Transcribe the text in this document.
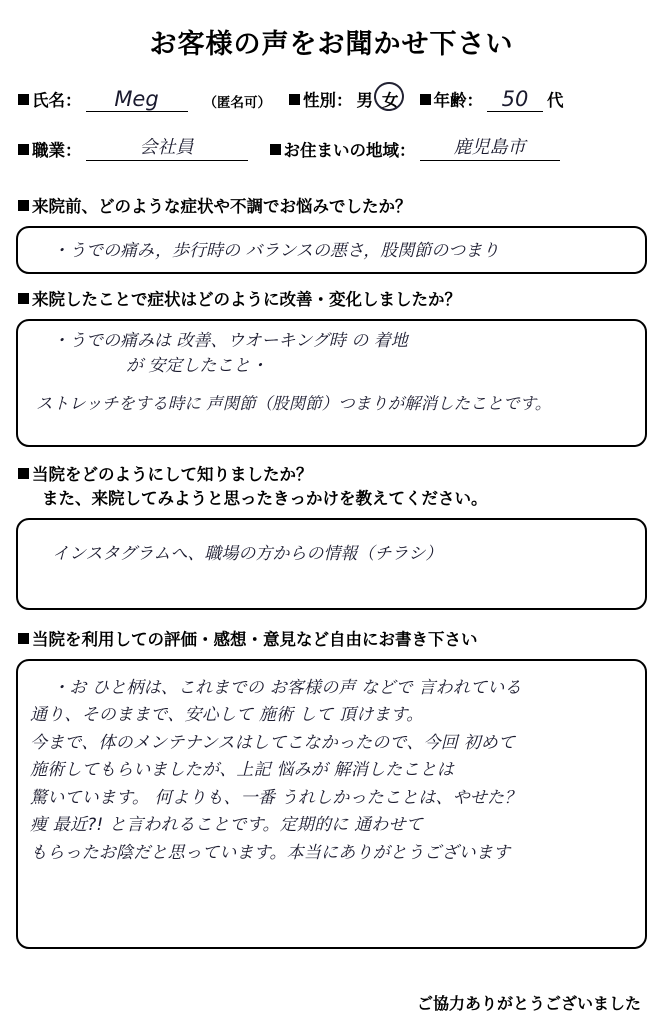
お客様の声をお聞かせ下さい
氏名：	Meg	（匿名可）	性別： 男 女	年齢： 50	代
職業：	会社員	お住まいの地域：	鹿児島市
来院前、どのような症状や不調でお悩みでしたか？
・うでの痛み，歩行時の バランスの悪さ，股関節のつまり
来院したことで症状はどのように改善・変化しましたか？
・うでの痛みは 改善、ウオーキング時 の 着地
が 安定したこと・
ストレッチをする時に 声関節（股関節）つまりが解消したことです。
当院をどのようにして知りましたか？
また、来院してみようと思ったきっかけを教えてください。
インスタグラムへ、職場の方からの情報（チラシ）
当院を利用しての評価・感想・意見など自由にお書き下さい
・お ひと柄は、これまでの お客様の声 などで 言われている
通り、そのままで、安心して 施術 して 頂けます。
今まで、体のメンテナンスはしてこなかったので、今回 初めて
施術してもらいましたが、上記 悩みが 解消したことは
驚いています。 何よりも、一番 うれしかったことは、やせた？
痩 最近?! と言われることです。定期的に 通わせて
もらったお陰だと思っています。本当にありがとうございます
ご協力ありがとうございました
